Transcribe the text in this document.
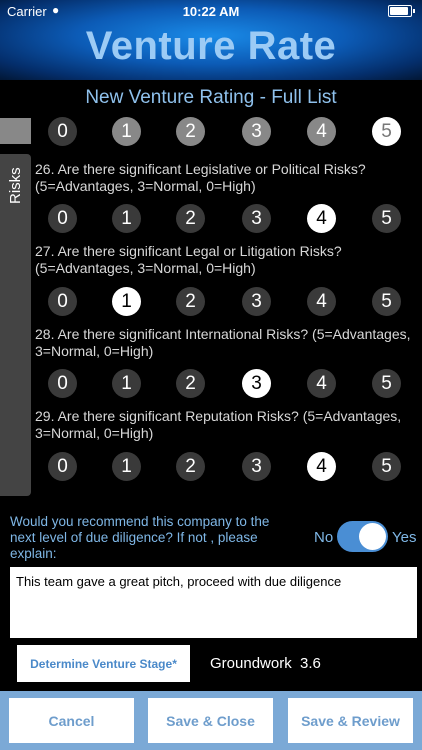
Carrier ●︎	10:22 AM
Venture Rate
New Venture Rating - Full List
Risks
0	1	2	3	4	5
26. Are there significant Legislative or Political Risks? (5=Advantages, 3=Normal, 0=High)
0	1	2	3	4	5
27. Are there significant Legal or Litigation Risks? (5=Advantages, 3=Normal, 0=High)
0	1	2	3	4	5
28. Are there significant International Risks? (5=Advantages, 3=Normal, 0=High)
0	1	2	3	4	5
29. Are there significant Reputation Risks? (5=Advantages, 3=Normal, 0=High)
0	1	2	3	4	5
Would you recommend this company to the next level of due diligence? If not , please explain:
No	Yes
This team gave a great pitch, proceed with due diligence
Determine Venture Stage*	Groundwork 3.6
Cancel	Save & Close	Save & Review
